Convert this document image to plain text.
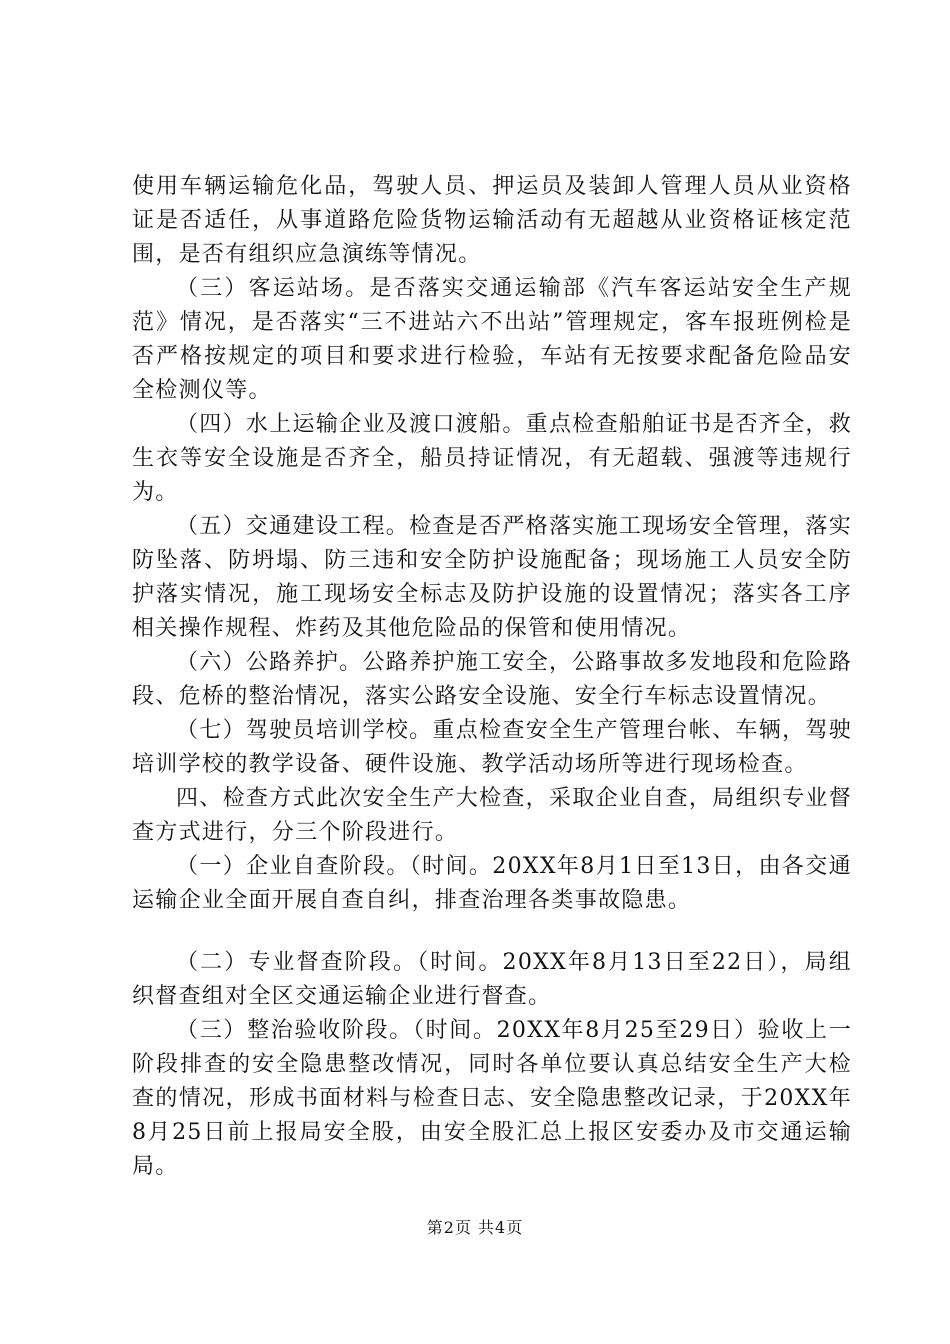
使用车辆运输危化品，驾驶人员、押运员及装卸人管理人员从业资格证是否适任，从事道路危险货物运输活动有无超越从业资格证核定范围，是否有组织应急演练等情况。

（三）客运站场。是否落实交通运输部《汽车客运站安全生产规范》情况，是否落实“三不进站六不出站”管理规定，客车报班例检是否严格按规定的项目和要求进行检验，车站有无按要求配备危险品安全检测仪等。

（四）水上运输企业及渡口渡船。重点检查船舶证书是否齐全，救生衣等安全设施是否齐全，船员持证情况，有无超载、强渡等违规行为。

（五）交通建设工程。检查是否严格落实施工现场安全管理，落实防坠落、防坍塌、防三违和安全防护设施配备；现场施工人员安全防护落实情况，施工现场安全标志及防护设施的设置情况；落实各工序相关操作规程、炸药及其他危险品的保管和使用情况。

（六）公路养护。公路养护施工安全，公路事故多发地段和危险路段、危桥的整治情况，落实公路安全设施、安全行车标志设置情况。

（七）驾驶员培训学校。重点检查安全生产管理台帐、车辆，驾驶培训学校的教学设备、硬件设施、教学活动场所等进行现场检查。

四、检查方式此次安全生产大检查，采取企业自查，局组织专业督查方式进行，分三个阶段进行。

（一）企业自查阶段。（时间。20XX年8月1日至13日，由各交通运输企业全面开展自查自纠，排查治理各类事故隐患。

（二）专业督查阶段。（时间。20XX年8月13日至22日），局组织督查组对全区交通运输企业进行督查。

（三）整治验收阶段。（时间。20XX年8月25至29日）验收上一阶段排查的安全隐患整改情况，同时各单位要认真总结安全生产大检查的情况，形成书面材料与检查日志、安全隐患整改记录，于20XX年8月25日前上报局安全股，由安全股汇总上报区安委办及市交通运输局。

第2页 共4页
